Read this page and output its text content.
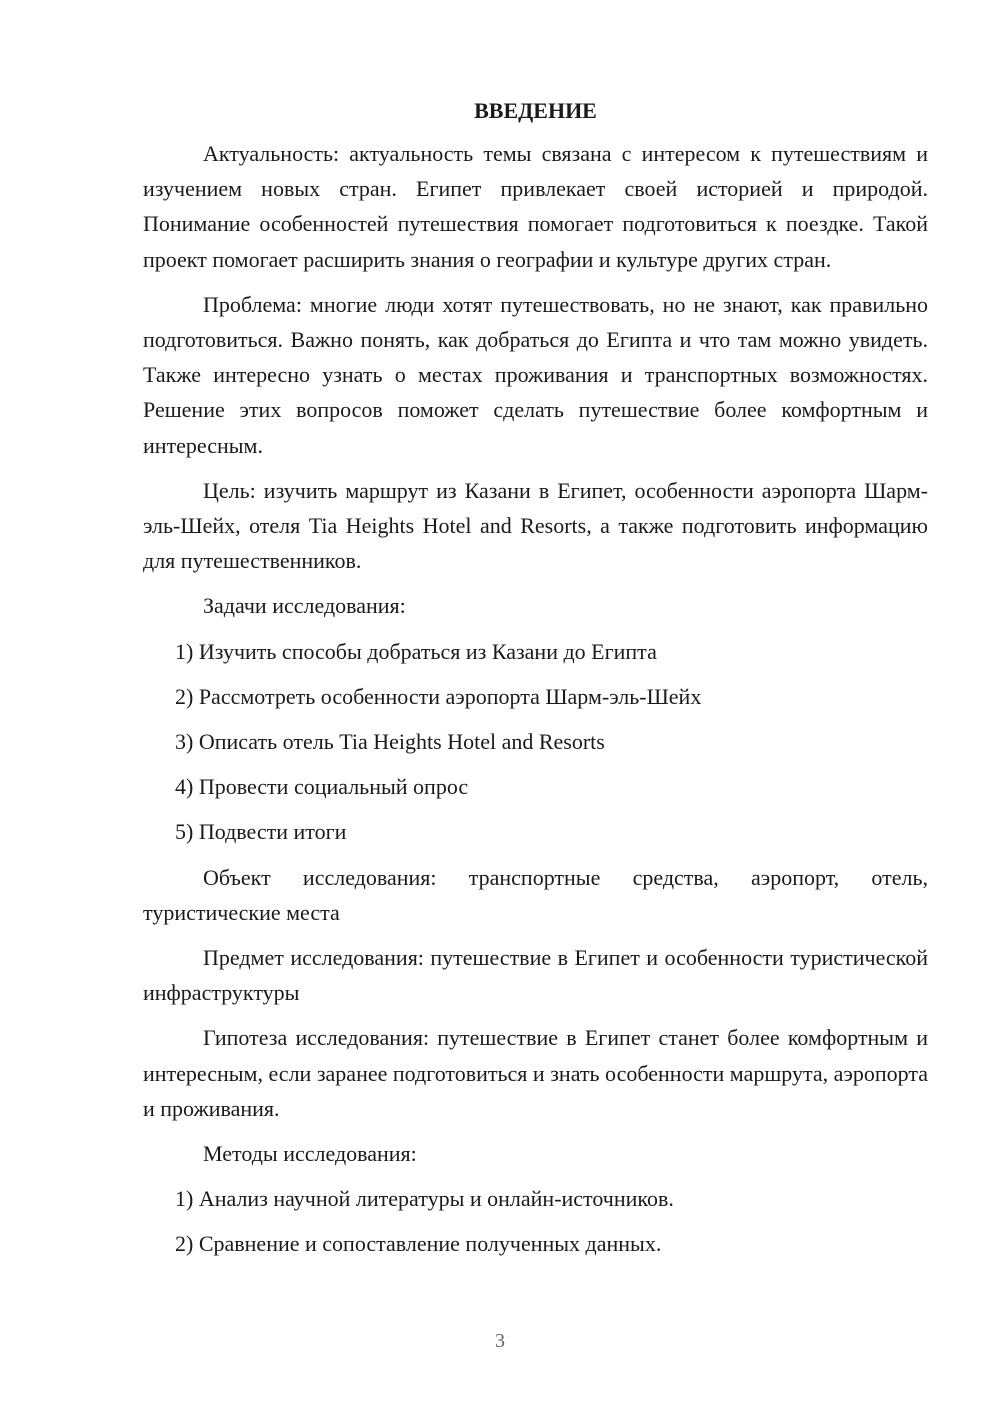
ВВЕДЕНИЕ

Актуальность: актуальность темы связана с интересом к путешествиям и изучением новых стран. Египет привлекает своей историей и природой. Понимание особенностей путешествия помогает подготовиться к поездке. Такой проект помогает расширить знания о географии и культуре других стран.

Проблема: многие люди хотят путешествовать, но не знают, как правильно подготовиться. Важно понять, как добраться до Египта и что там можно увидеть. Также интересно узнать о местах проживания и транспортных возможностях. Решение этих вопросов поможет сделать путешествие более комфортным и интересным.

Цель: изучить маршрут из Казани в Египет, особенности аэропорта Шарм-эль-Шейх, отеля Tia Heights Hotel and Resorts, а также подготовить информацию для путешественников.

Задачи исследования:

1) Изучить способы добраться из Казани до Египта
2) Рассмотреть особенности аэропорта Шарм-эль-Шейх
3) Описать отель Tia Heights Hotel and Resorts
4) Провести социальный опрос
5) Подвести итоги

Объект исследования: транспортные средства, аэропорт, отель, туристические места

Предмет исследования: путешествие в Египет и особенности туристической инфраструктуры

Гипотеза исследования: путешествие в Египет станет более комфортным и интересным, если заранее подготовиться и знать особенности маршрута, аэропорта и проживания.

Методы исследования:

1) Анализ научной литературы и онлайн-источников.
2) Сравнение и сопоставление полученных данных.
3
